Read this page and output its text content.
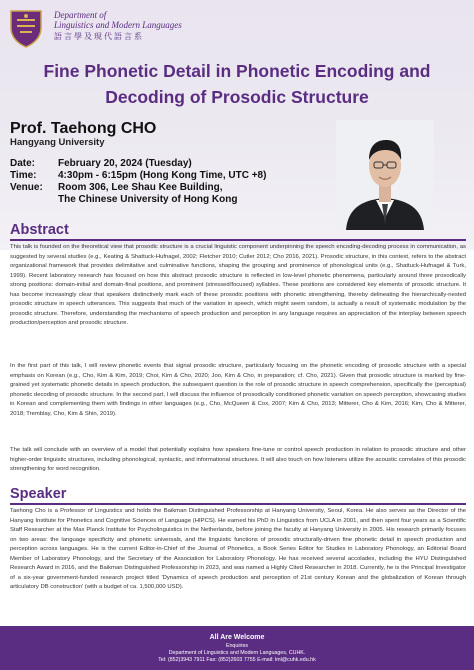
Department of
Linguistics and Modern Languages
語言學及現代語言系
Fine Phonetic Detail in Phonetic Encoding and
Decoding of Prosodic Structure
Prof. Taehong CHO
Hangyang University
Date:	February 20, 2024 (Tuesday)
Time:	4:30pm - 6:15pm (Hong Kong Time, UTC +8)
Venue:	Room 306, Lee Shau Kee Building,
The Chinese University of Hong Kong
Abstract

This talk is founded on the theoretical view that prosodic structure is a crucial linguistic component underpinning the speech encoding-decoding process in communication, as suggested by several studies (e.g., Keating & Shattuck-Hufnagel, 2002; Fletcher 2010; Cutler 2012; Cho 2016, 2021). Prosodic structure, in this context, refers to the abstract organizational framework that provides delimitative and culminative functions, shaping the grouping and prominence of phonological units (e.g., Shattuck-Hufnagel & Turk, 1999). Recent laboratory research has focused on how this abstract prosodic structure is reflected in low-level phonetic phenomena, particularly around three prosodically strong positions: domain-initial and domain-final positions, and prominent (stressed/focused) syllables. These positions are considered key elements of prosodic structure. It has become increasingly clear that speakers distinctively mark each of these prosodic positions with phonetic strengthening, thereby delineating the hierarchically-nested prosodic structure in speech utterances. This suggests that much of the variation in speech, which might seem random, is actually a result of systematic modulation by the prosodic structure. Therefore, understanding the mechanisms of speech production and perception in any language requires an appreciation of the interplay between speech production/perception and prosodic structure.

In the first part of this talk, I will review phonetic events that signal prosodic structure, particularly focusing on the phonetic encoding of prosodic structure with a special emphasis on Korean (e.g., Cho, Kim & Kim, 2019; Choi, Kim & Cho, 2020; Joo, Kim & Cho, in preparation; cf. Cho, 2021). Given that prosodic structure is marked by fine-grained yet systematic phonetic details in speech production, the subsequent question is the role of prosodic structure in speech comprehension, specifically the (perceptual) phonetic decoding of prosodic structure. In the second part, I will discuss the influence of prosodically conditioned phonetic variation on speech perception, showcasing studies in Korean and complementing them with findings in other languages (e.g., Cho, McQueen & Cox, 2007; Kim & Cho, 2013; Mitterer, Cho & Kim, 2016; Kim, Cho & Mitterer, 2018; Tremblay, Cho, Kim & Shin, 2019).

The talk will conclude with an overview of a model that potentially explains how speakers fine-tune or control speech production in relation to prosodic structure and other higher-order linguistic structures, including phonological, syntactic, and informational structures. It will also touch on how listeners utilize the acoustic correlates of this prosodic strengthening for word recognition.

Speaker

Taehong Cho is a Professor of Linguistics and holds the Baikman Distinguished Professorship at Hanyang University, Seoul, Korea. He also serves as the Director of the Hanyang Institute for Phonetics and Cognitive Sciences of Language (HIPCS). He earned his PhD in Linguistics from UCLA in 2001, and then spent four years as a Scientific Staff Researcher at the Max Planck Institute for Psycholinguistics in the Netherlands, before joining the faculty at Hanyang University in 2005. His research primarily focuses on two areas: the language specificity and phonetic universals, and the linguistic functions of prosodic structurally-driven fine phonetic detail in speech production and perception across languages. He is the current Editor-in-Chief of the Journal of Phonetics, a Book Series Editor for Studies in Laboratory Phonology, an Editorial Board Member of Laboratory Phonology, and the Secretary of the Association for Laboratory Phonology. He has received several accolades, including the HYU Distinguished Research Award in 2016, and the Baikman Distinguished Professorship in 2023, and was named a Highly Cited Researcher in 2018. Currently, he is the Principal Investigator of a six-year government-funded research project titled 'Dynamics of speech production and perception of 21st century Korean and the globalization of Korean through articulatory DB construction' (with a budget of ca. 1,500,000 USD).

All Are Welcome
Enquiries
Department of Linguistics and Modern Languages, CUHK.
Tel: (852)3943 7911 Fax: (852)2603 7755 E-mail: lml@cuhk.edu.hk
